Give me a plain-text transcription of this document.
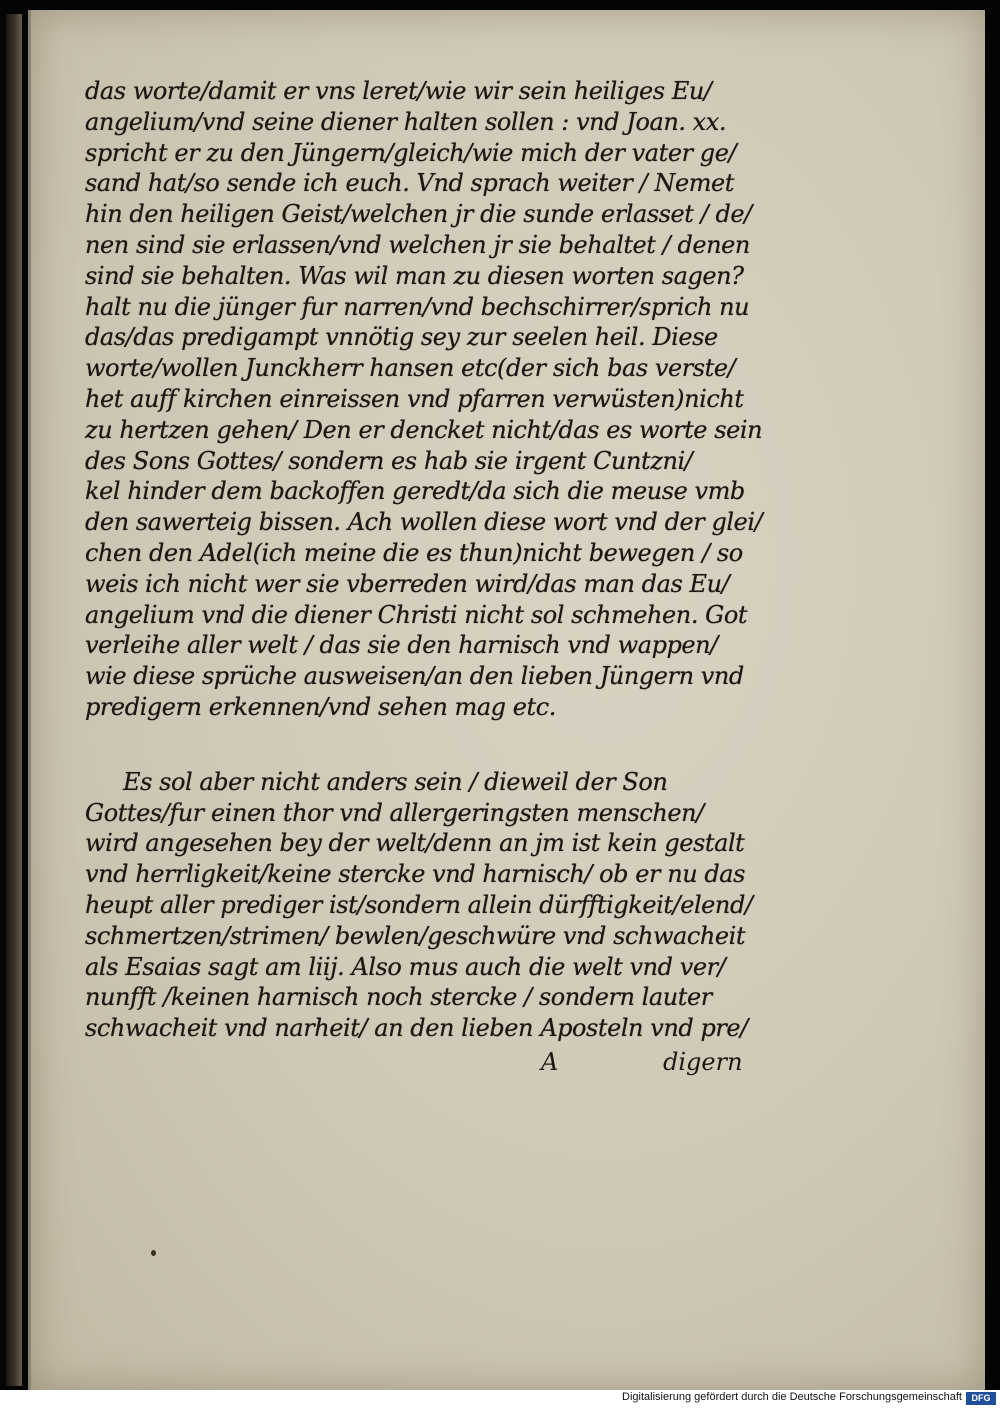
das worte/damit er vns leret/wie wir sein heiliges Eu/
angelium/vnd seine diener halten sollen : vnd Joan. xx.
spricht er zu den Jüngern/gleich/wie mich der vater ge/
sand hat/so sende ich euch. Vnd sprach weiter / Nemet
hin den heiligen Geist/welchen jr die sunde erlasset / de/
nen sind sie erlassen/vnd welchen jr sie behaltet / denen
sind sie behalten. Was wil man zu diesen worten sagen?
halt nu die jünger fur narren/vnd bechschirrer/sprich nu
das/das predigampt vnnötig sey zur seelen heil. Diese
worte/wollen Junckherr hansen etc(der sich bas verste/
het auff kirchen einreissen vnd pfarren verwüsten)nicht
zu hertzen gehen/ Den er dencket nicht/das es worte sein
des Sons Gottes/ sondern es hab sie irgent Cuntzni/
kel hinder dem backoffen geredt/da sich die meuse vmb
den sawerteig bissen. Ach wollen diese wort vnd der glei/
chen den Adel(ich meine die es thun)nicht bewegen / so
weis ich nicht wer sie vberreden wird/das man das Eu/
angelium vnd die diener Christi nicht sol schmehen. Got
verleihe aller welt / das sie den harnisch vnd wappen/
wie diese sprüche ausweisen/an den lieben Jüngern vnd
predigern erkennen/vnd sehen mag etc.
Es sol aber nicht anders sein / dieweil der Son
Gottes/fur einen thor vnd allergeringsten menschen/
wird angesehen bey der welt/denn an jm ist kein gestalt
vnd herrligkeit/keine stercke vnd harnisch/ ob er nu das
heupt aller prediger ist/sondern allein dürfftigkeit/elend/
schmertzen/strimen/ bewlen/geschwüre vnd schwacheit
als Esaias sagt am liij. Also mus auch die welt vnd ver/
nunfft /keinen harnisch noch stercke / sondern lauter
schwacheit vnd narheit/ an den lieben Aposteln vnd pre/
A	digern
Digitalisierung gefördert durch die Deutsche Forschungsgemeinschaft	DFG
